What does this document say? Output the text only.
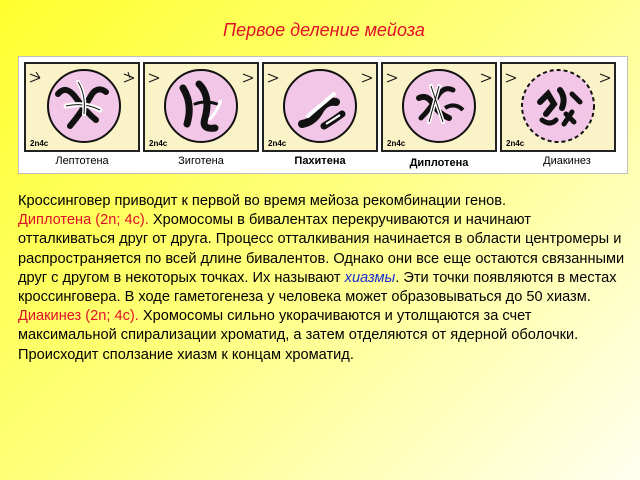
Первое деление мейоза
2n4c
Лептотена
2n4c
Зиготена
2n4c
Пахитена
2n4c
Диплотена
2n4c
Диакинез

Кроссинговер приводит к первой во время мейоза рекомбинации генов.

Диплотена (2n; 4c). Хромосомы в бивалентах перекручиваются и начинают отталкиваться друг от друга. Процесс отталкивания начинается в области центромеры и распространяется по всей длине бивалентов. Однако они все еще остаются связанными друг с другом в некоторых точках. Их называют хиазмы. Эти точки появляются в местах кроссинговера. В ходе гаметогенеза у человека может образовываться до 50 хиазм.

Диакинез (2n; 4c). Хромосомы сильно укорачиваются и утолщаются за счет максимальной спирализации хроматид, а затем отделяются от ядерной оболочки. Происходит сползание хиазм к концам хроматид.
